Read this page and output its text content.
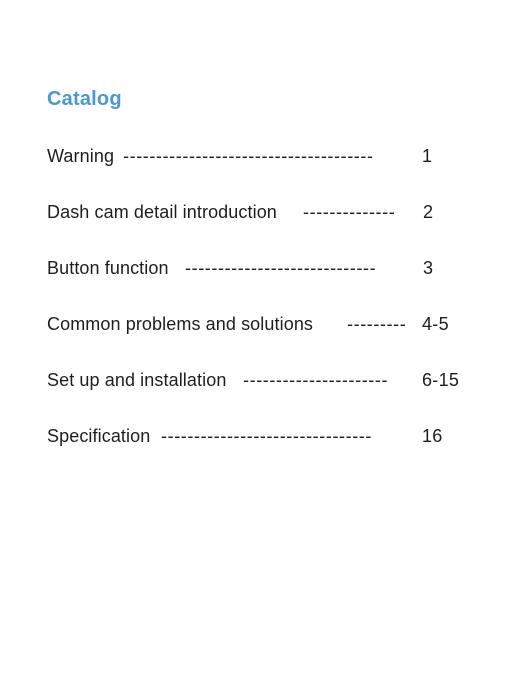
Catalog
Warning --------------------------------------	1
Dash cam detail introduction --------------	2
Button function -----------------------------	3
Common problems and solutions --------- 4-5
Set up and installation ----------------------	6-15
Specification --------------------------------	16
